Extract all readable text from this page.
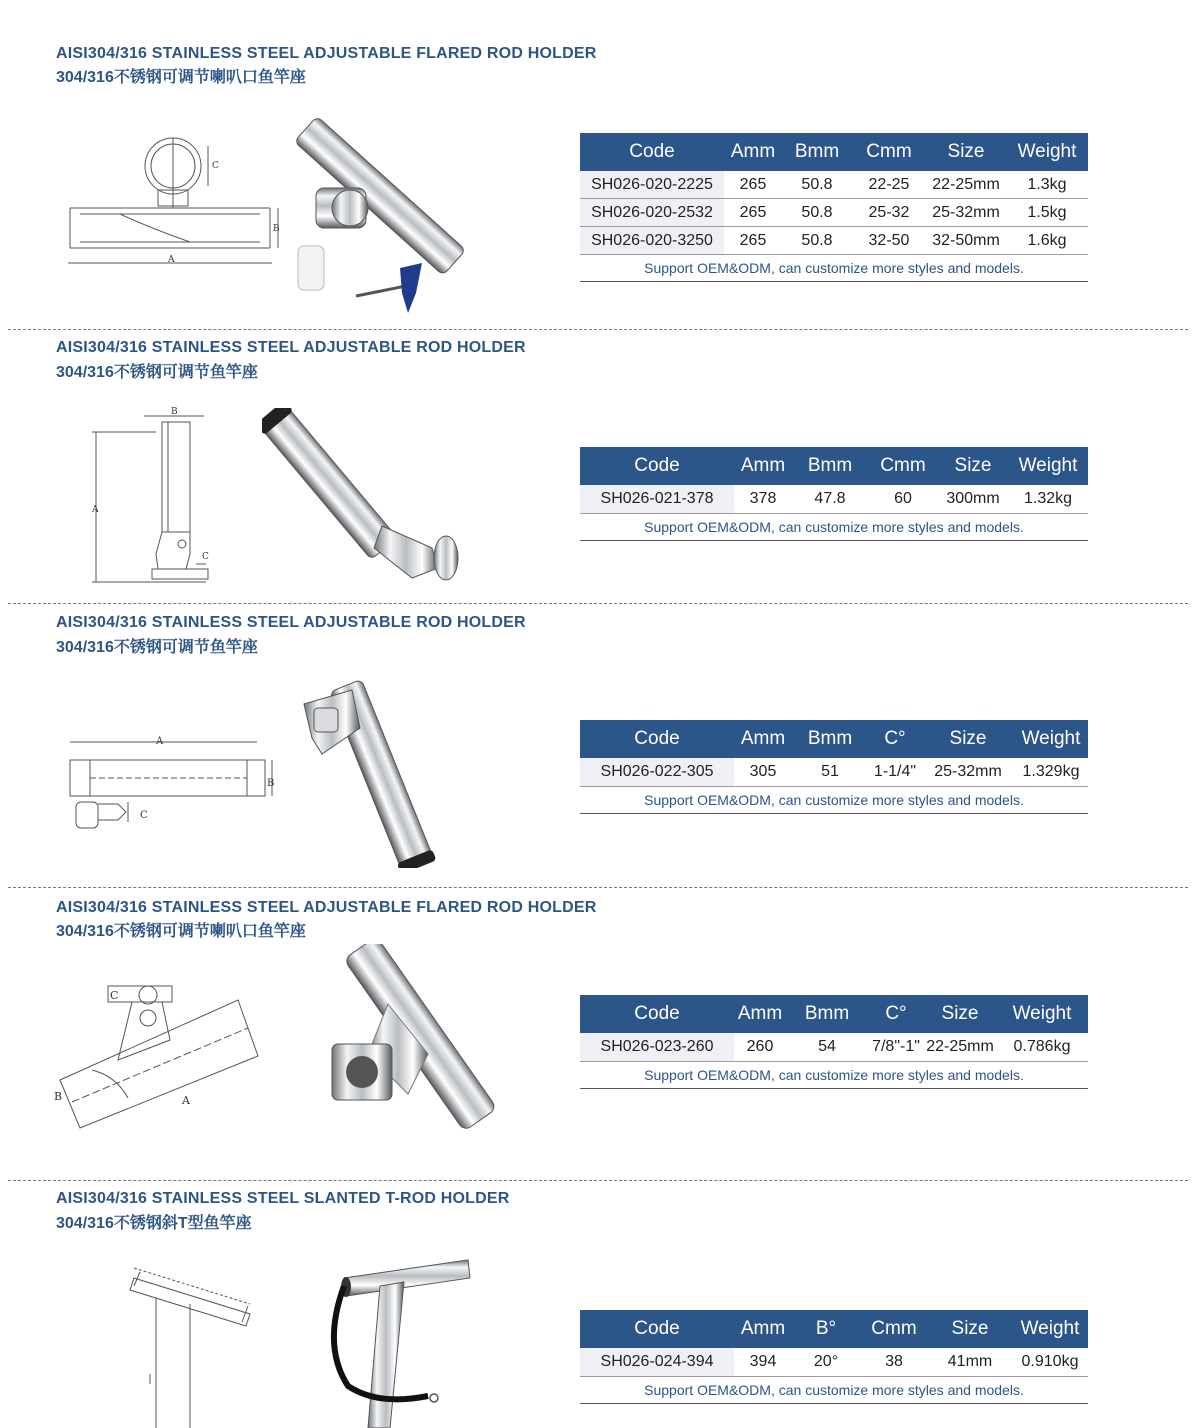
AISI304/316 STAINLESS STEEL ADJUSTABLE FLARED ROD HOLDER
304/316不锈钢可调节喇叭口鱼竿座
A
B
C
Code	Amm	Bmm	Cmm	Size	Weight
SH026-020-2225	265	50.8	22-25	22-25mm	1.3kg
SH026-020-2532	265	50.8	25-32	25-32mm	1.5kg
SH026-020-3250	265	50.8	32-50	32-50mm	1.6kg
Support OEM&ODM, can customize more styles and models.					
AISI304/316 STAINLESS STEEL ADJUSTABLE ROD HOLDER
304/316不锈钢可调节鱼竿座
A
B
C
Code	Amm	Bmm	Cmm	Size	Weight
SH026-021-378	378	47.8	60	300mm	1.32kg
Support OEM&ODM, can customize more styles and models.					
AISI304/316 STAINLESS STEEL ADJUSTABLE ROD HOLDER
304/316不锈钢可调节鱼竿座
A
B
C
Code	Amm	Bmm	C°	Size	Weight
SH026-022-305	305	51	1-1/4"	25-32mm	1.329kg
Support OEM&ODM, can customize more styles and models.					
AISI304/316 STAINLESS STEEL ADJUSTABLE FLARED ROD HOLDER
304/316不锈钢可调节喇叭口鱼竿座
A
B
C
Code	Amm	Bmm	C°	Size	Weight
SH026-023-260	260	54	7/8"-1"	22-25mm	0.786kg
Support OEM&ODM, can customize more styles and models.					
AISI304/316 STAINLESS STEEL SLANTED T-ROD HOLDER
304/316不锈钢斜T型鱼竿座
Code	Amm	B°	Cmm	Size	Weight
SH026-024-394	394	20°	38	41mm	0.910kg
Support OEM&ODM, can customize more styles and models.					
